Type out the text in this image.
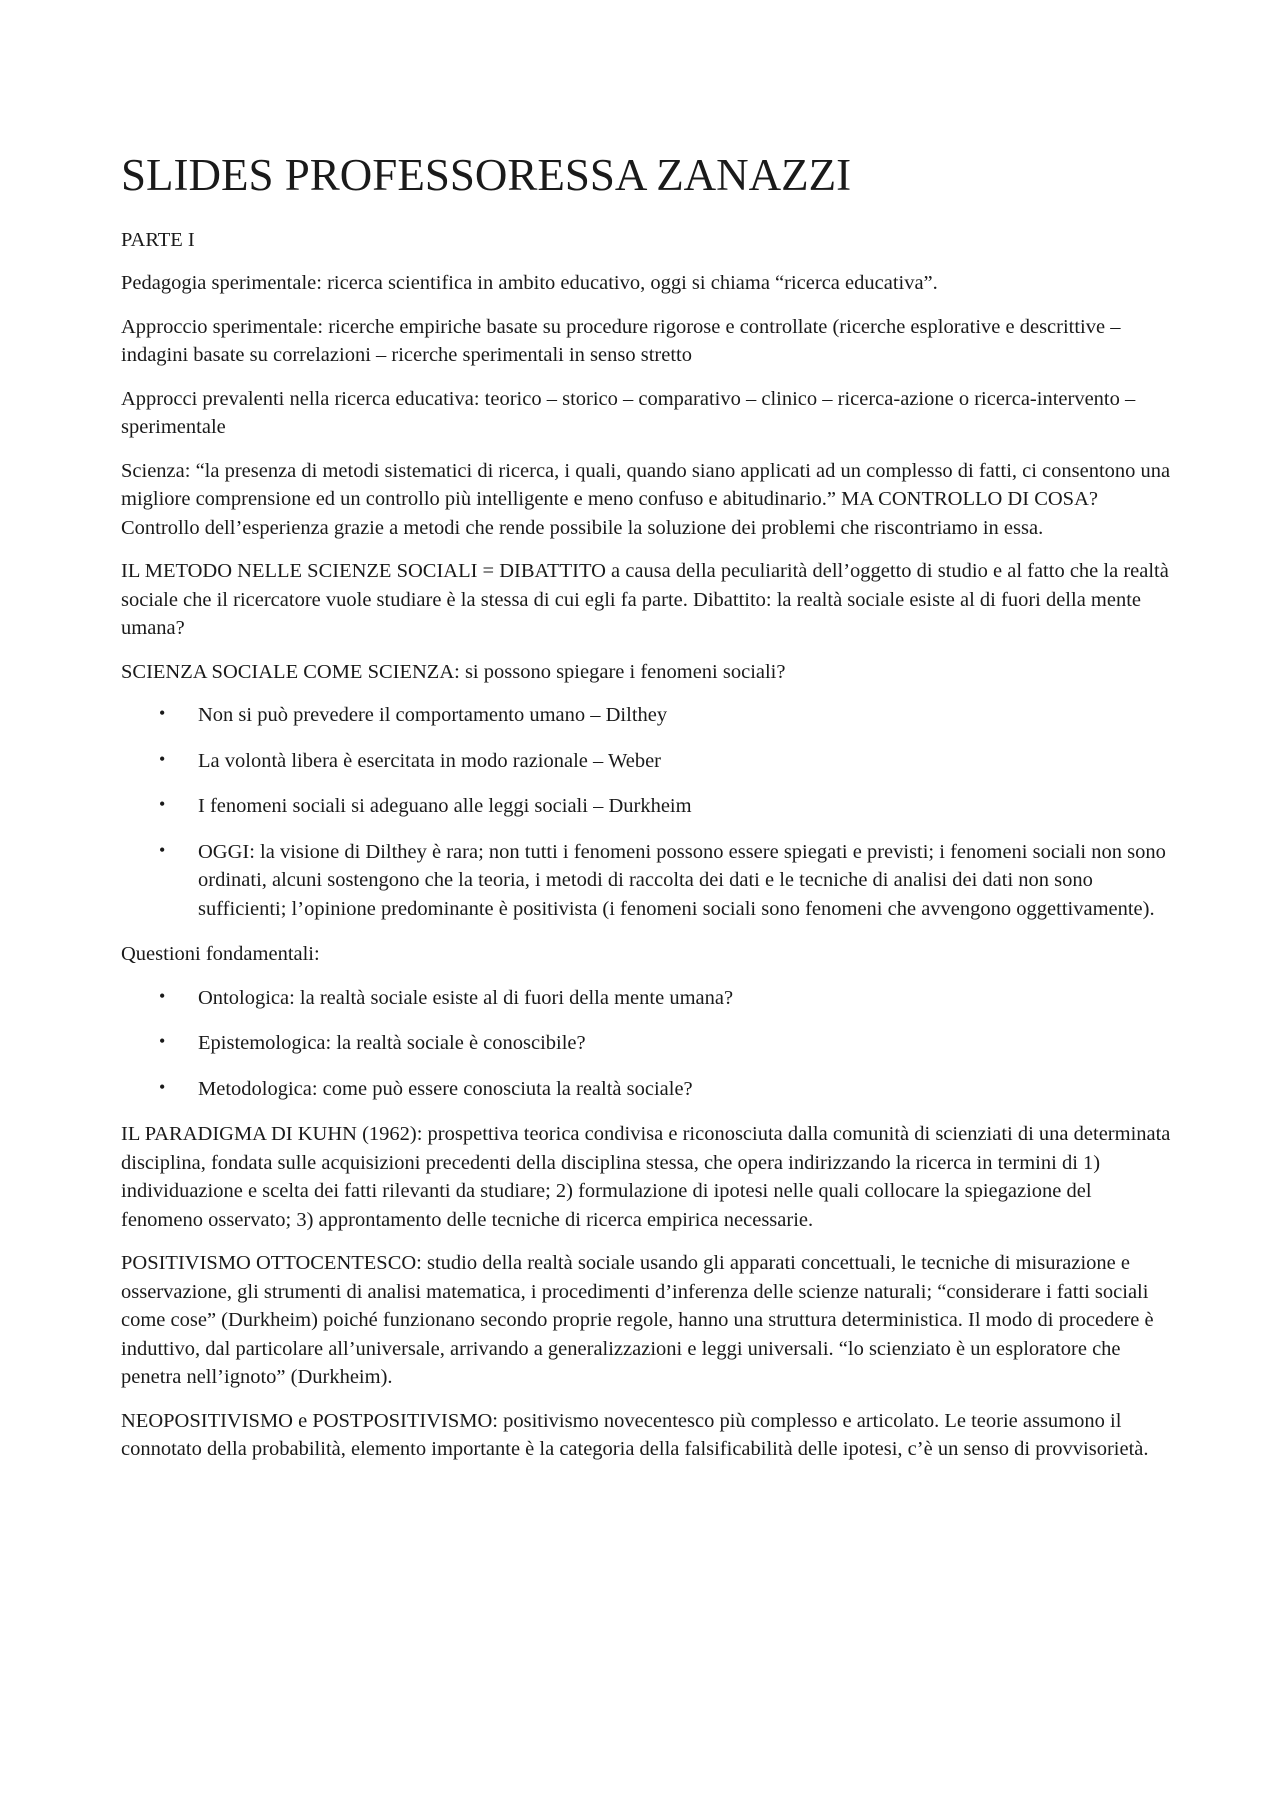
SLIDES PROFESSORESSA ZANAZZI

PARTE I

Pedagogia sperimentale: ricerca scientifica in ambito educativo, oggi si chiama “ricerca educativa”.

Approccio sperimentale: ricerche empiriche basate su procedure rigorose e controllate (ricerche esplorative e descrittive – indagini basate su correlazioni – ricerche sperimentali in senso stretto

Approcci prevalenti nella ricerca educativa: teorico – storico – comparativo – clinico – ricerca-azione o ricerca-intervento – sperimentale

Scienza: “la presenza di metodi sistematici di ricerca, i quali, quando siano applicati ad un complesso di fatti, ci consentono una migliore comprensione ed un controllo più intelligente e meno confuso e abitudinario.” MA CONTROLLO DI COSA? Controllo dell’esperienza grazie a metodi che rende possibile la soluzione dei problemi che riscontriamo in essa.

IL METODO NELLE SCIENZE SOCIALI = DIBATTITO a causa della peculiarità dell’oggetto di studio e al fatto che la realtà sociale che il ricercatore vuole studiare è la stessa di cui egli fa parte. Dibattito: la realtà sociale esiste al di fuori della mente umana?

SCIENZA SOCIALE COME SCIENZA: si possono spiegare i fenomeni sociali?

• Non si può prevedere il comportamento umano – Dilthey
• La volontà libera è esercitata in modo razionale – Weber
• I fenomeni sociali si adeguano alle leggi sociali – Durkheim
• OGGI: la visione di Dilthey è rara; non tutti i fenomeni possono essere spiegati e previsti; i fenomeni sociali non sono ordinati, alcuni sostengono che la teoria, i metodi di raccolta dei dati e le tecniche di analisi dei dati non sono sufficienti; l’opinione predominante è positivista (i fenomeni sociali sono fenomeni che avvengono oggettivamente).

Questioni fondamentali:

• Ontologica: la realtà sociale esiste al di fuori della mente umana?
• Epistemologica: la realtà sociale è conoscibile?
• Metodologica: come può essere conosciuta la realtà sociale?

IL PARADIGMA DI KUHN (1962): prospettiva teorica condivisa e riconosciuta dalla comunità di scienziati di una determinata disciplina, fondata sulle acquisizioni precedenti della disciplina stessa, che opera indirizzando la ricerca in termini di 1) individuazione e scelta dei fatti rilevanti da studiare; 2) formulazione di ipotesi nelle quali collocare la spiegazione del fenomeno osservato; 3) approntamento delle tecniche di ricerca empirica necessarie.

POSITIVISMO OTTOCENTESCO: studio della realtà sociale usando gli apparati concettuali, le tecniche di misurazione e osservazione, gli strumenti di analisi matematica, i procedimenti d’inferenza delle scienze naturali; “considerare i fatti sociali come cose” (Durkheim) poiché funzionano secondo proprie regole, hanno una struttura deterministica. Il modo di procedere è induttivo, dal particolare all’universale, arrivando a generalizzazioni e leggi universali. “lo scienziato è un esploratore che penetra nell’ignoto” (Durkheim).

NEOPOSITIVISMO e POSTPOSITIVISMO: positivismo novecentesco più complesso e articolato. Le teorie assumono il connotato della probabilità, elemento importante è la categoria della falsificabilità delle ipotesi, c’è un senso di provvisorietà.
